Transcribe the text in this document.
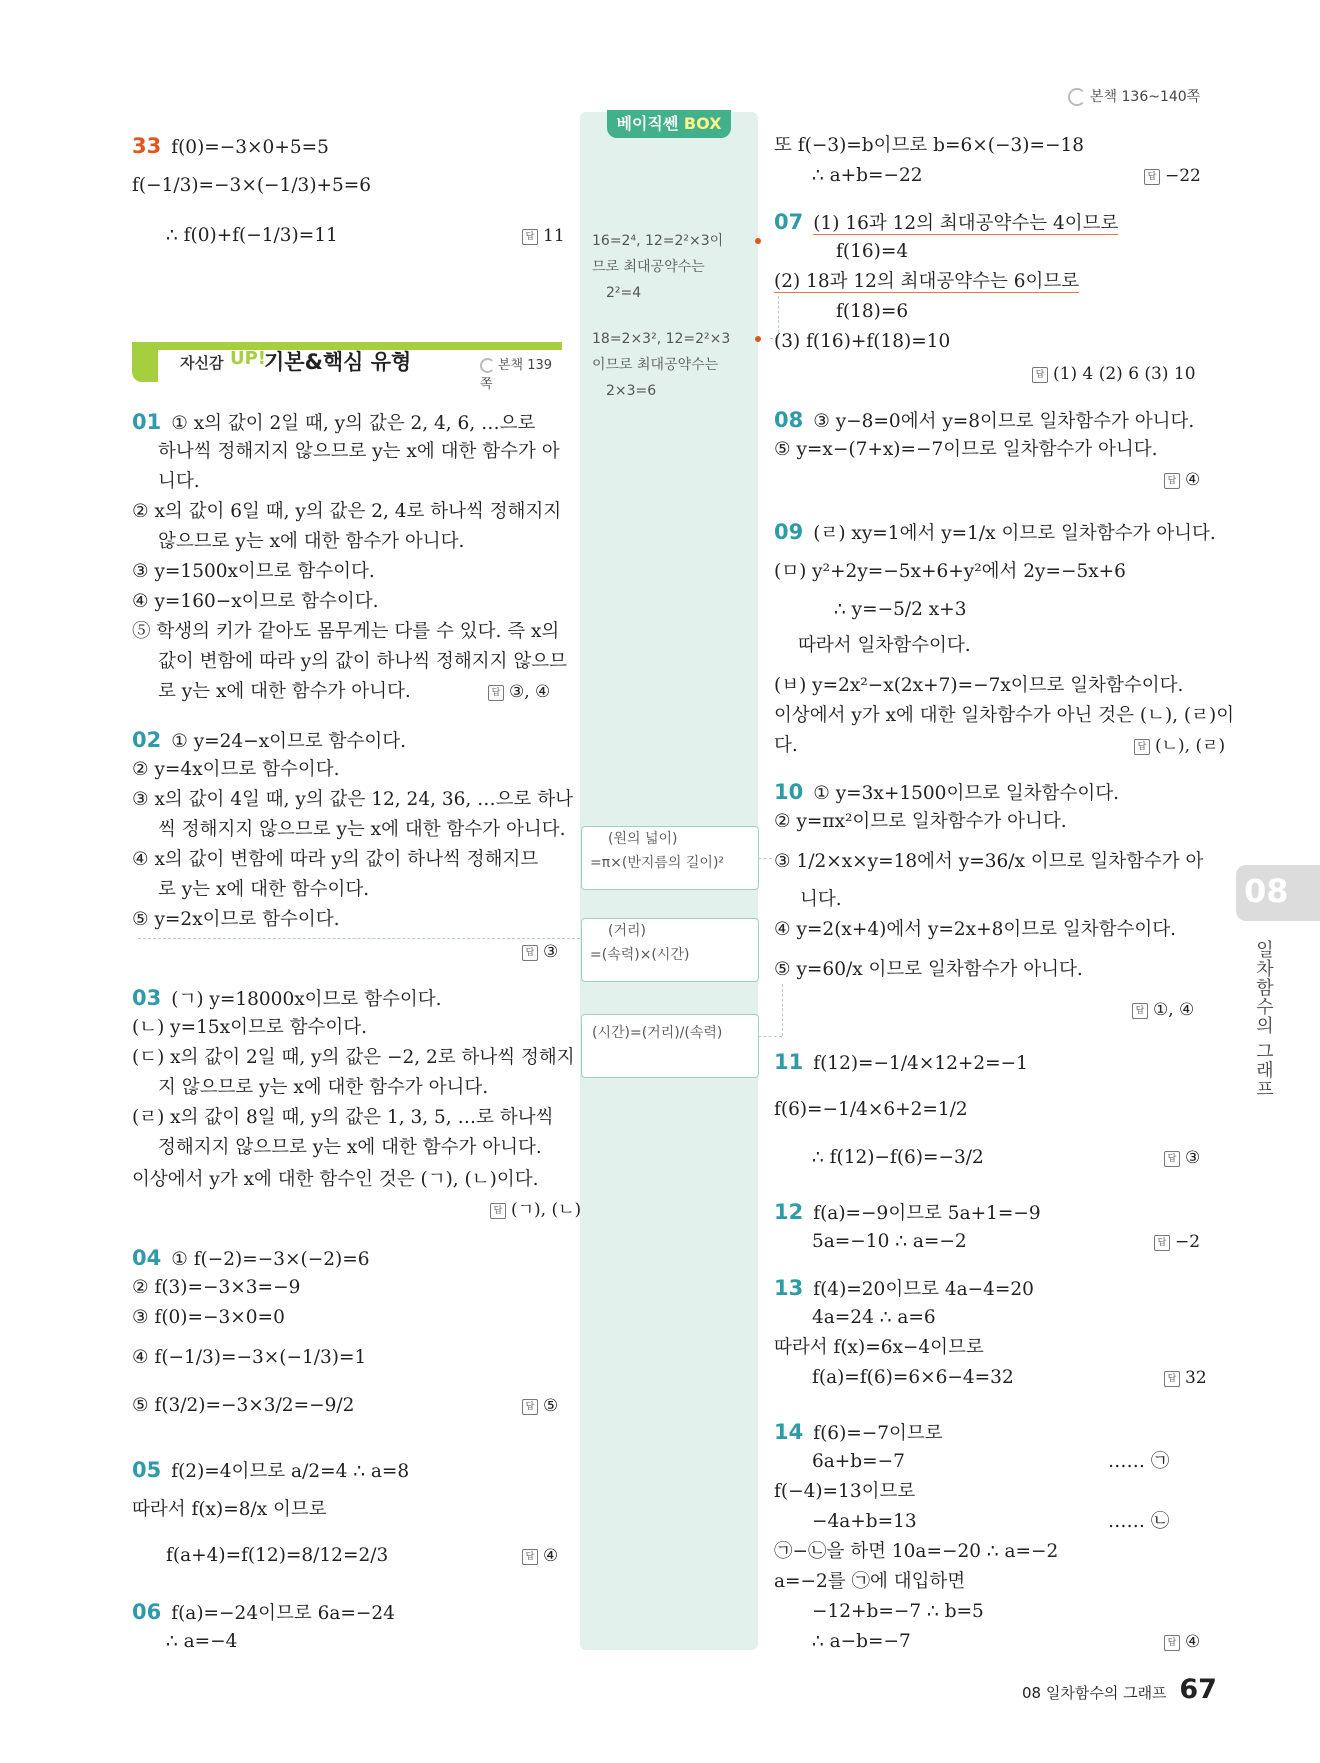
본책 136~140쪽
베이직쎈 BOX
16=2⁴, 12=2²×3이
므로 최대공약수는
2²=4
18=2×3², 12=2²×3
이므로 최대공약수는
2×3=6
(원의 넓이)
=π×(반지름의 길이)²
(거리)
=(속력)×(시간)
(시간)=(거리)/(속력)
자신감 UP!
기본&핵심 유형	본책 139쪽
08
일차함수의 그래프
08 일차함수의 그래프 67
33 f(0)=−3×0+5=5
f(−1/3)=−3×(−1/3)+5=6
∴ f(0)+f(−1/3)=11	답 11
01 ① x의 값이 2일 때, y의 값은 2, 4, 6, …으로
하나씩 정해지지 않으므로 y는 x에 대한 함수가 아
니다.
② x의 값이 6일 때, y의 값은 2, 4로 하나씩 정해지지
않으므로 y는 x에 대한 함수가 아니다.
③ y=1500x이므로 함수이다.
④ y=160−x이므로 함수이다.
⑤ 학생의 키가 같아도 몸무게는 다를 수 있다. 즉 x의
값이 변함에 따라 y의 값이 하나씩 정해지지 않으므
로 y는 x에 대한 함수가 아니다.	답 ③, ④
02 ① y=24−x이므로 함수이다.
② y=4x이므로 함수이다.
③ x의 값이 4일 때, y의 값은 12, 24, 36, …으로 하나
씩 정해지지 않으므로 y는 x에 대한 함수가 아니다.
④ x의 값이 변함에 따라 y의 값이 하나씩 정해지므
로 y는 x에 대한 함수이다.
⑤ y=2x이므로 함수이다.
답 ③
03 (ㄱ) y=18000x이므로 함수이다.
(ㄴ) y=15x이므로 함수이다.
(ㄷ) x의 값이 2일 때, y의 값은 −2, 2로 하나씩 정해지
지 않으므로 y는 x에 대한 함수가 아니다.
(ㄹ) x의 값이 8일 때, y의 값은 1, 3, 5, …로 하나씩
정해지지 않으므로 y는 x에 대한 함수가 아니다.
이상에서 y가 x에 대한 함수인 것은 (ㄱ), (ㄴ)이다.
답 (ㄱ), (ㄴ)
04 ① f(−2)=−3×(−2)=6
② f(3)=−3×3=−9
③ f(0)=−3×0=0
④ f(−1/3)=−3×(−1/3)=1
⑤ f(3/2)=−3×3/2=−9/2	답 ⑤
05 f(2)=4이므로 a/2=4 ∴ a=8
따라서 f(x)=8/x 이므로
f(a+4)=f(12)=8/12=2/3	답 ④
06 f(a)=−24이므로 6a=−24
∴ a=−4
또 f(−3)=b이므로 b=6×(−3)=−18
∴ a+b=−22	답 −22
07 (1) 16과 12의 최대공약수는 4이므로
f(16)=4
(2) 18과 12의 최대공약수는 6이므로
f(18)=6
(3) f(16)+f(18)=10
답 (1) 4 (2) 6 (3) 10
08 ③ y−8=0에서 y=8이므로 일차함수가 아니다.
⑤ y=x−(7+x)=−7이므로 일차함수가 아니다.
답 ④
09 (ㄹ) xy=1에서 y=1/x 이므로 일차함수가 아니다.
(ㅁ) y²+2y=−5x+6+y²에서 2y=−5x+6
∴ y=−5/2 x+3
따라서 일차함수이다.
(ㅂ) y=2x²−x(2x+7)=−7x이므로 일차함수이다.
이상에서 y가 x에 대한 일차함수가 아닌 것은 (ㄴ), (ㄹ)이
다.	답 (ㄴ), (ㄹ)
10 ① y=3x+1500이므로 일차함수이다.
② y=πx²이므로 일차함수가 아니다.
③ 1/2×x×y=18에서 y=36/x 이므로 일차함수가 아
니다.
④ y=2(x+4)에서 y=2x+8이므로 일차함수이다.
⑤ y=60/x 이므로 일차함수가 아니다.
답 ①, ④
11 f(12)=−1/4×12+2=−1
f(6)=−1/4×6+2=1/2
∴ f(12)−f(6)=−3/2	답 ③
12 f(a)=−9이므로 5a+1=−9
5a=−10 ∴ a=−2	답 −2
13 f(4)=20이므로 4a−4=20
4a=24 ∴ a=6
따라서 f(x)=6x−4이므로
f(a)=f(6)=6×6−4=32	답 32
14 f(6)=−7이므로
6a+b=−7	…… ㉠
f(−4)=13이므로
−4a+b=13	…… ㉡
㉠−㉡을 하면 10a=−20 ∴ a=−2
a=−2를 ㉠에 대입하면
−12+b=−7 ∴ b=5
∴ a−b=−7	답 ④
